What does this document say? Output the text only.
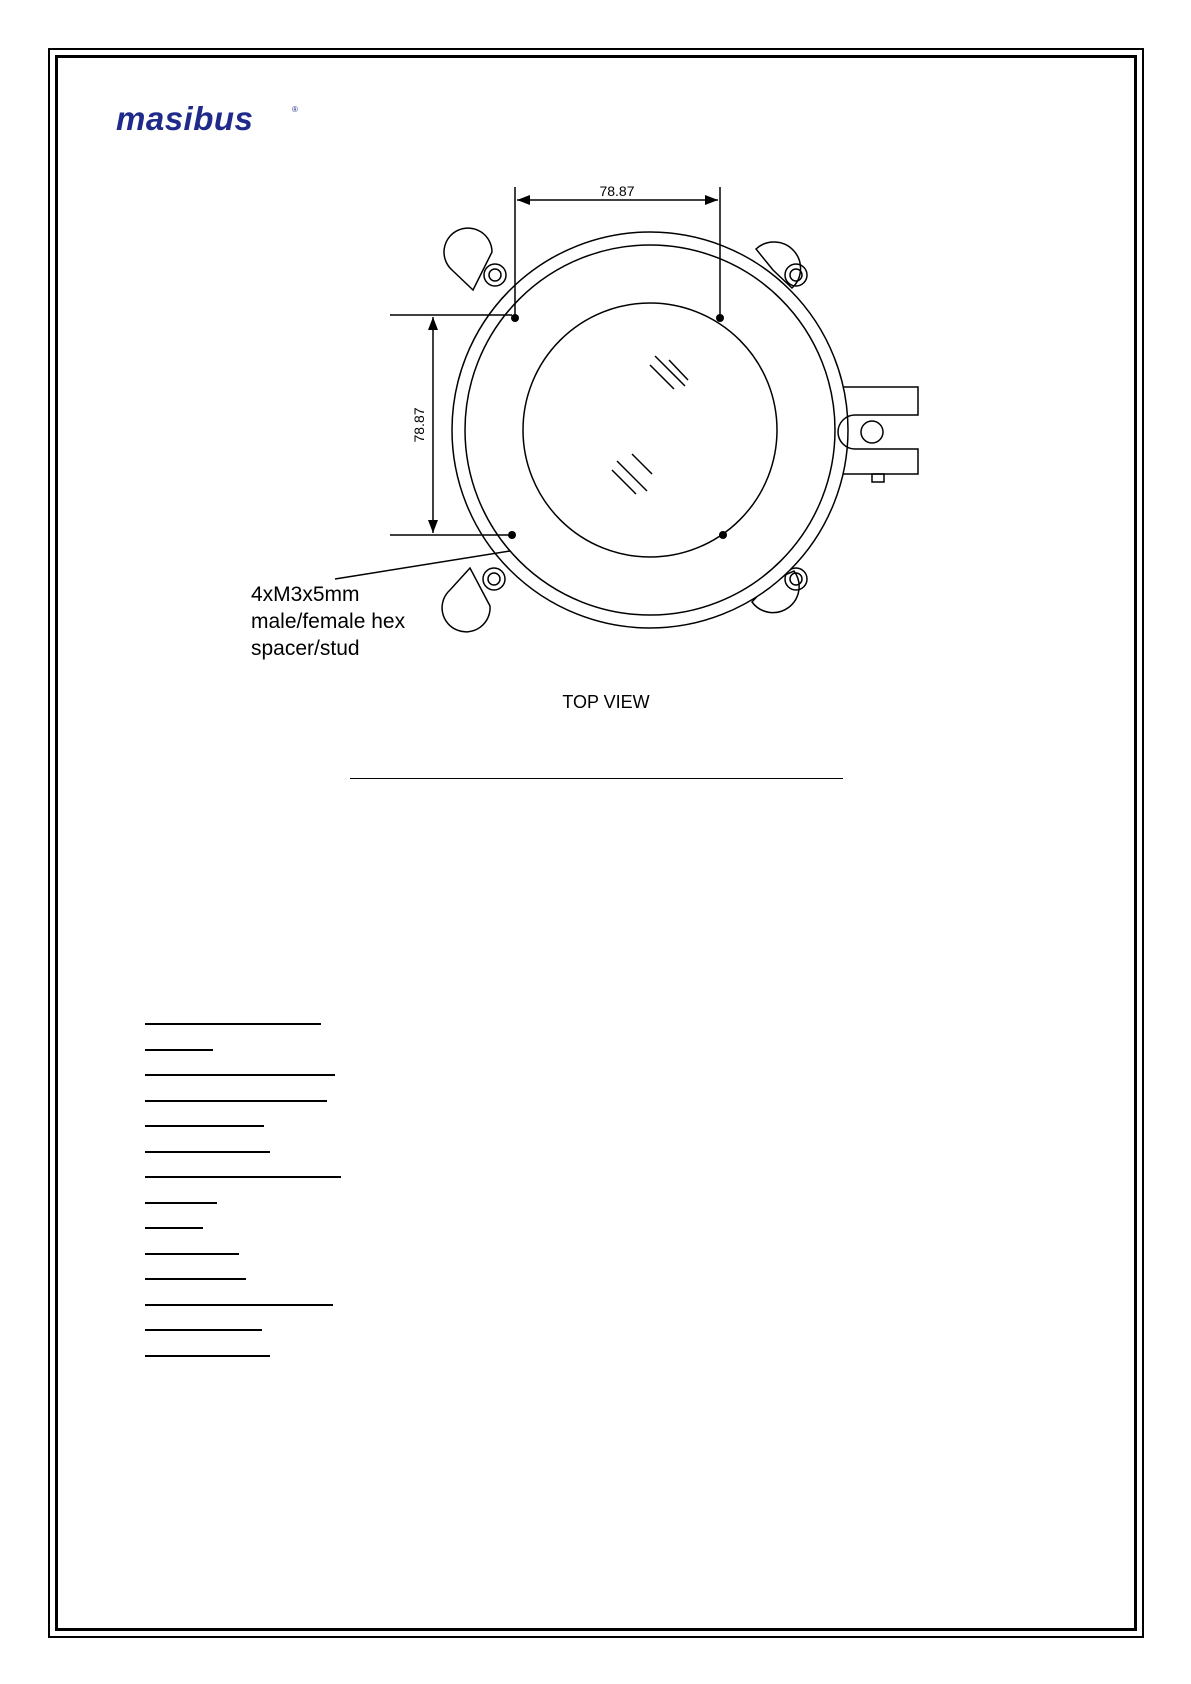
masibus	®
78.87
78.87
4xM3x5mm
male/female hex
spacer/stud
TOP VIEW
